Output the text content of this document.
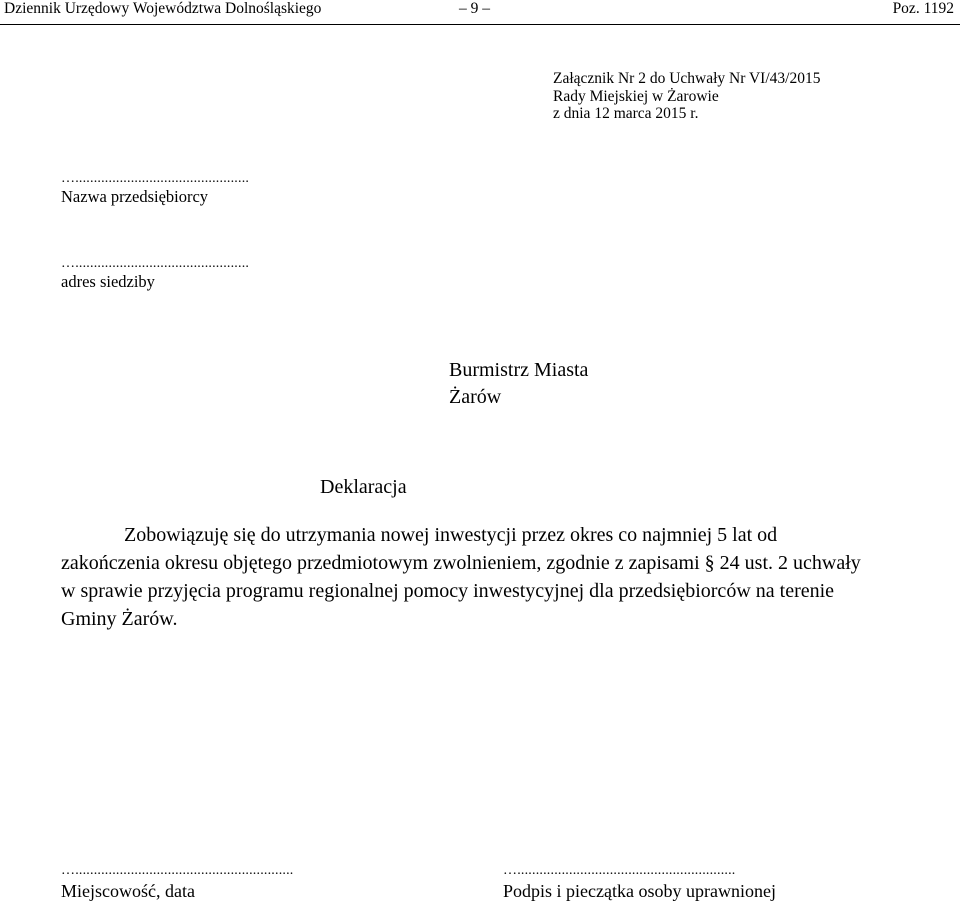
Dziennik Urzędowy Województwa Dolnośląskiego	– 9 –	Poz. 1192
Załącznik Nr 2 do Uchwały Nr VI/43/2015
Rady Miejskiej w Żarowie
z dnia 12 marca 2015 r.
…...............................................
Nazwa przedsiębiorcy
…...............................................
adres siedziby
Burmistrz Miasta
Żarów
Deklaracja
Zobowiązuję się do utrzymania nowej inwestycji przez okres co najmniej 5 lat od
zakończenia okresu objętego przedmiotowym zwolnieniem, zgodnie z zapisami § 24 ust. 2 uchwały
w sprawie przyjęcia programu regionalnej pomocy inwestycyjnej dla przedsiębiorców na terenie
Gminy Żarów.
…...........................................................
Miejscowość, data
…...........................................................
Podpis i pieczątka osoby uprawnionej
